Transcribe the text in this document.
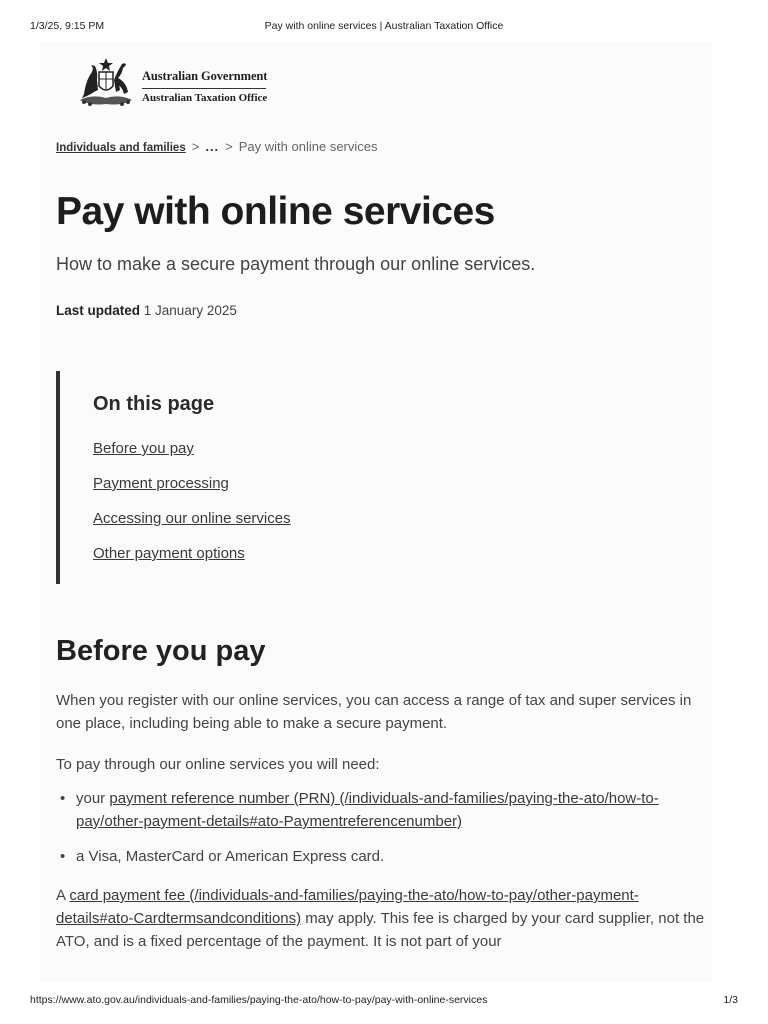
1/3/25, 9:15 PM	Pay with online services | Australian Taxation Office
Australian Government
Australian Taxation Office
Individuals and families > ... > Pay with online services
Pay with online services
How to make a secure payment through our online services.
Last updated 1 January 2025
On this page
Before you pay
Payment processing
Accessing our online services
Other payment options
Before you pay

When you register with our online services, you can access a range of tax and super services in one place, including being able to make a secure payment.

To pay through our online services you will need:

• your payment reference number (PRN) (/individuals-and-families/paying-the-ato/how-to-pay/other-payment-details#ato-Paymentreferencenumber)
• a Visa, MasterCard or American Express card.

A card payment fee (/individuals-and-families/paying-the-ato/how-to-pay/other-payment-details#ato-Cardtermsandconditions) may apply. This fee is charged by your card supplier, not the ATO, and is a fixed percentage of the payment. It is not part of your

https://www.ato.gov.au/individuals-and-families/paying-the-ato/how-to-pay/pay-with-online-services	1/3
